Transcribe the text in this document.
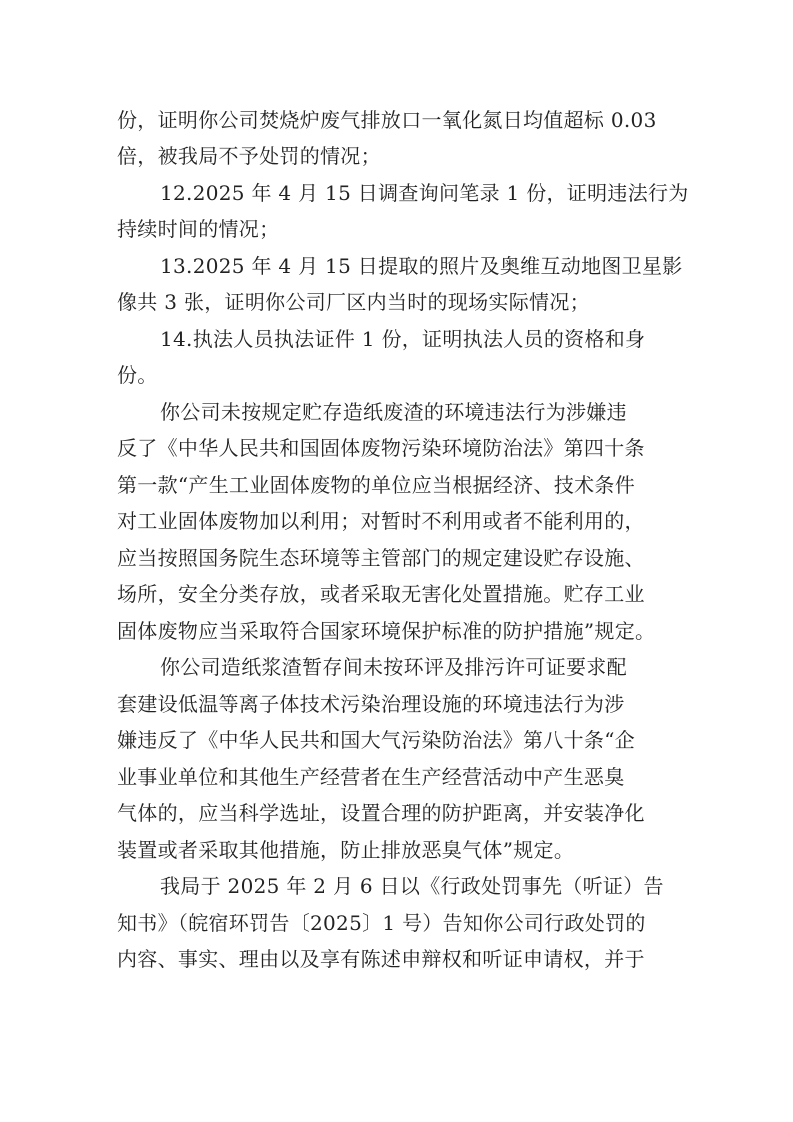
份，证明你公司焚烧炉废气排放口一氧化氮日均值超标 0.03

倍，被我局不予处罚的情况；

12.2025 年 4 月 15 日调查询问笔录 1 份，证明违法行为

持续时间的情况；

13.2025 年 4 月 15 日提取的照片及奥维互动地图卫星影

像共 3 张，证明你公司厂区内当时的现场实际情况；

14.执法人员执法证件 1 份，证明执法人员的资格和身

份。

你公司未按规定贮存造纸废渣的环境违法行为涉嫌违

反了《中华人民共和国固体废物污染环境防治法》第四十条

第一款“产生工业固体废物的单位应当根据经济、技术条件

对工业固体废物加以利用；对暂时不利用或者不能利用的，

应当按照国务院生态环境等主管部门的规定建设贮存设施、

场所，安全分类存放，或者采取无害化处置措施。贮存工业

固体废物应当采取符合国家环境保护标准的防护措施”规定。

你公司造纸浆渣暂存间未按环评及排污许可证要求配

套建设低温等离子体技术污染治理设施的环境违法行为涉

嫌违反了《中华人民共和国大气污染防治法》第八十条“企

业事业单位和其他生产经营者在生产经营活动中产生恶臭

气体的，应当科学选址，设置合理的防护距离，并安装净化

装置或者采取其他措施，防止排放恶臭气体”规定。

我局于 2025 年 2 月 6 日以《行政处罚事先（听证）告

知书》（皖宿环罚告〔2025〕1 号）告知你公司行政处罚的

内容、事实、理由以及享有陈述申辩权和听证申请权，并于
